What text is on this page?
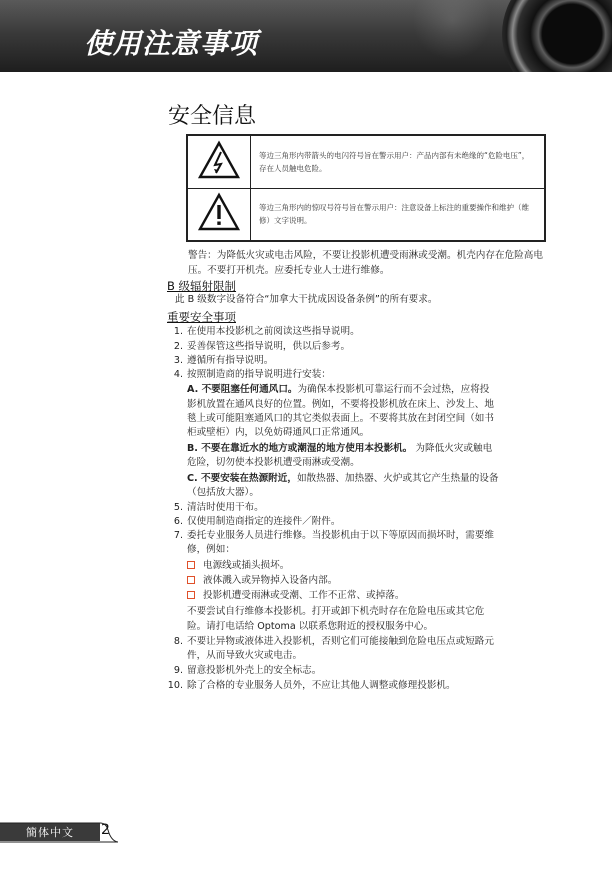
使用注意事项
安全信息
	等边三角形内带箭头的电闪符号旨在警示用户：产品内部有未绝缘的“危险电压”，存在人员触电危险。
	等边三角形内的惊叹号符号旨在警示用户：注意设备上标注的重要操作和维护（维修）文字说明。
警告：为降低火灾或电击风险，不要让投影机遭受雨淋或受潮。机壳内存在危险高电
压。不要打开机壳。应委托专业人士进行维修。
B 级辐射限制
此 B 级数字设备符合“加拿大干扰成因设备条例”的所有要求。
重要安全事项
1. 在使用本投影机之前阅读这些指导说明。
2. 妥善保管这些指导说明，供以后参考。
3. 遵循所有指导说明。
4. 按照制造商的指导说明进行安装：
A. 不要阻塞任何通风口。为确保本投影机可靠运行而不会过热，应将投
影机放置在通风良好的位置。例如，不要将投影机放在床上、沙发上、地
毯上或可能阻塞通风口的其它类似表面上。不要将其放在封闭空间（如书
柜或壁柜）内，以免妨碍通风口正常通风。
B. 不要在靠近水的地方或潮湿的地方使用本投影机。 为降低火灾或触电
危险，切勿使本投影机遭受雨淋或受潮。
C. 不要安装在热源附近，如散热器、加热器、火炉或其它产生热量的设备
（包括放大器）。
5. 清洁时使用干布。
6. 仅使用制造商指定的连接件／附件。
7. 委托专业服务人员进行维修。当投影机由于以下等原因而损坏时，需要维
修，例如：
电源线或插头损坏。
液体溅入或异物掉入设备内部。
投影机遭受雨淋或受潮、工作不正常、或掉落。
不要尝试自行维修本投影机。打开或卸下机壳时存在危险电压或其它危
险。请打电话给 Optoma 以联系您附近的授权服务中心。
8. 不要让异物或液体进入投影机，否则它们可能接触到危险电压点或短路元
件，从而导致火灾或电击。
9. 留意投影机外壳上的安全标志。
10. 除了合格的专业服务人员外，不应让其他人调整或修理投影机。
簡体中文 2
